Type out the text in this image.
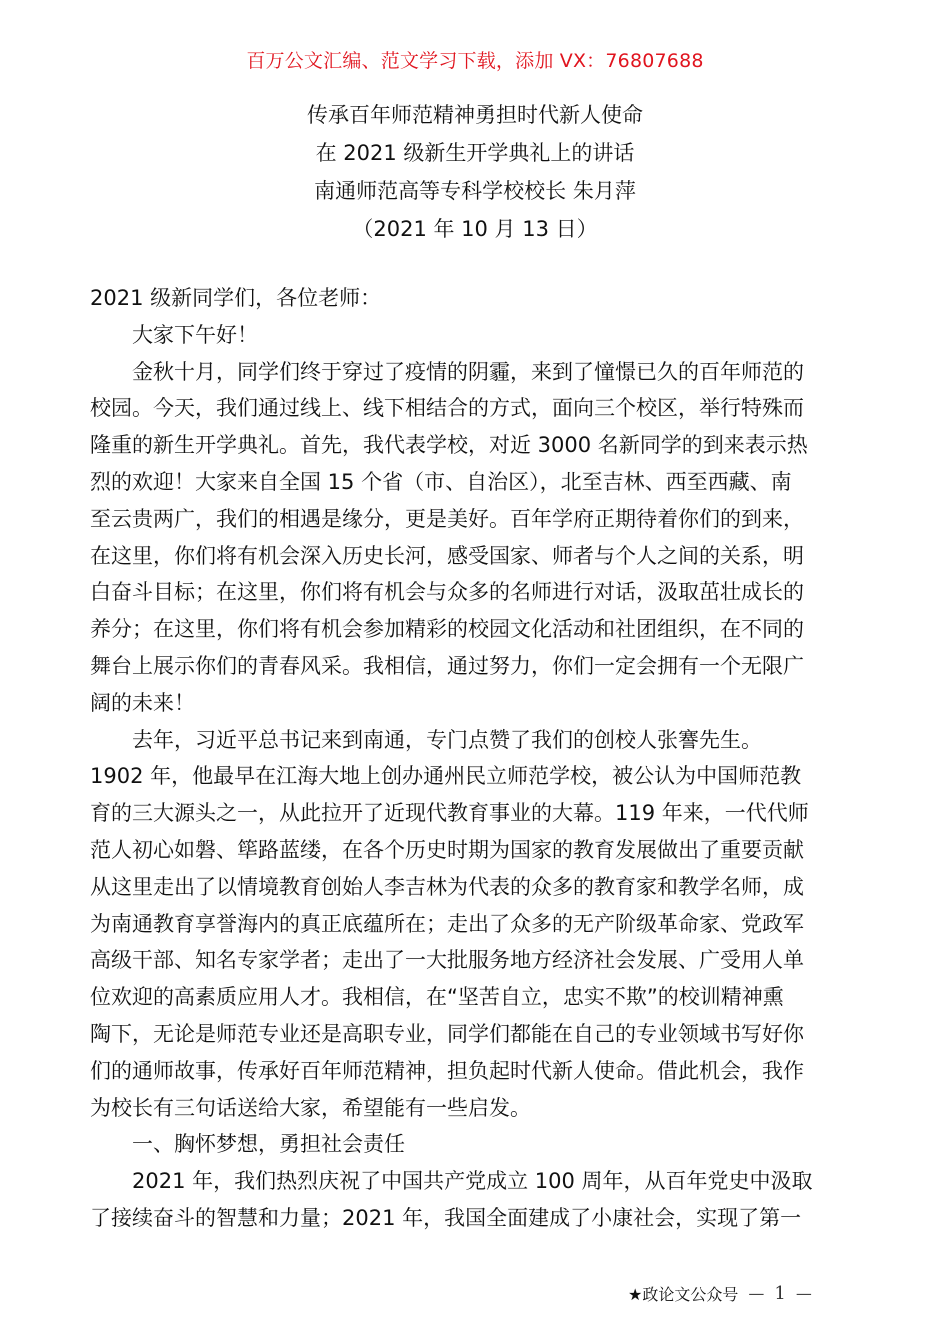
百万公文汇编、范文学习下载，添加 VX：76807688
传承百年师范精神勇担时代新人使命
在 2021 级新生开学典礼上的讲话
南通师范高等专科学校校长 朱月萍
（2021 年 10 月 13 日）
2021 级新同学们，各位老师：
大家下午好！
金秋十月，同学们终于穿过了疫情的阴霾，来到了憧憬已久的百年师范的
校园。今天，我们通过线上、线下相结合的方式，面向三个校区，举行特殊而
隆重的新生开学典礼。首先，我代表学校，对近 3000 名新同学的到来表示热
烈的欢迎！大家来自全国 15 个省（市、自治区），北至吉林、西至西藏、南
至云贵两广，我们的相遇是缘分，更是美好。百年学府正期待着你们的到来，
在这里，你们将有机会深入历史长河，感受国家、师者与个人之间的关系，明
白奋斗目标；在这里，你们将有机会与众多的名师进行对话，汲取茁壮成长的
养分；在这里，你们将有机会参加精彩的校园文化活动和社团组织，在不同的
舞台上展示你们的青春风采。我相信，通过努力，你们一定会拥有一个无限广
阔的未来！
去年，习近平总书记来到南通，专门点赞了我们的创校人张謇先生。
1902 年，他最早在江海大地上创办通州民立师范学校，被公认为中国师范教
育的三大源头之一，从此拉开了近现代教育事业的大幕。119 年来，一代代师
范人初心如磐、筚路蓝缕，在各个历史时期为国家的教育发展做出了重要贡献
从这里走出了以情境教育创始人李吉林为代表的众多的教育家和教学名师，成
为南通教育享誉海内的真正底蕴所在；走出了众多的无产阶级革命家、党政军
高级干部、知名专家学者；走出了一大批服务地方经济社会发展、广受用人单
位欢迎的高素质应用人才。我相信，在“坚苦自立，忠实不欺”的校训精神熏
陶下，无论是师范专业还是高职专业，同学们都能在自己的专业领域书写好你
们的通师故事，传承好百年师范精神，担负起时代新人使命。借此机会，我作
为校长有三句话送给大家，希望能有一些启发。
一、胸怀梦想，勇担社会责任
2021 年，我们热烈庆祝了中国共产党成立 100 周年，从百年党史中汲取
了接续奋斗的智慧和力量；2021 年，我国全面建成了小康社会，实现了第一
★政论文公众号 — 1 —
